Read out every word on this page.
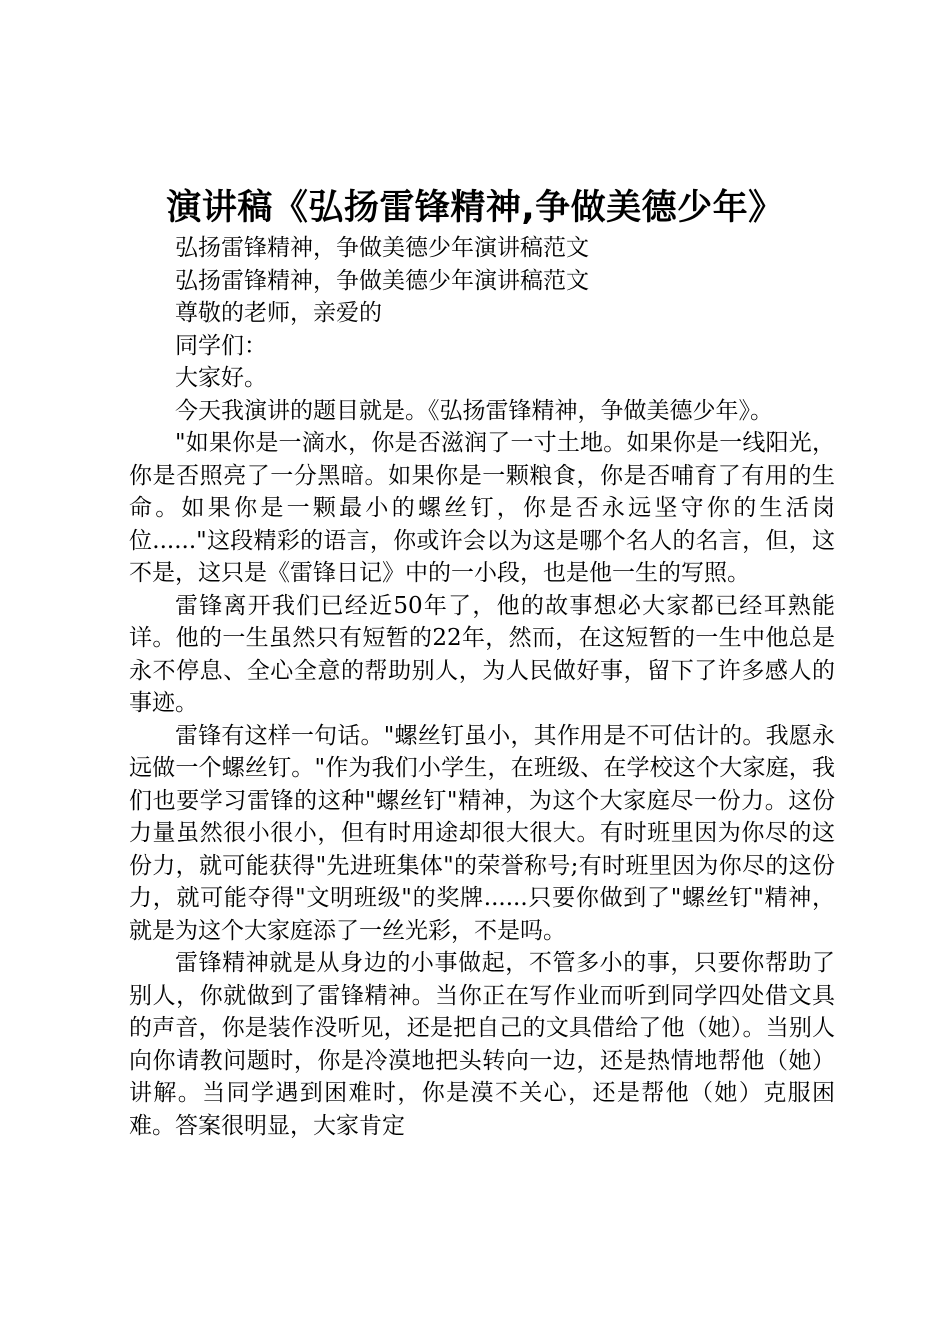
演讲稿《弘扬雷锋精神,争做美德少年》

弘扬雷锋精神，争做美德少年演讲稿范文

弘扬雷锋精神，争做美德少年演讲稿范文

尊敬的老师，亲爱的

同学们：

大家好。

今天我演讲的题目就是。《弘扬雷锋精神，争做美德少年》。

"如果你是一滴水，你是否滋润了一寸土地。如果你是一线阳光，你是否照亮了一分黑暗。如果你是一颗粮食，你是否哺育了有用的生命。如果你是一颗最小的螺丝钉，你是否永远坚守你的生活岗位......"这段精彩的语言，你或许会以为这是哪个名人的名言，但，这不是，这只是《雷锋日记》中的一小段，也是他一生的写照。

雷锋离开我们已经近50年了，他的故事想必大家都已经耳熟能详。他的一生虽然只有短暂的22年，然而，在这短暂的一生中他总是永不停息、全心全意的帮助别人，为人民做好事，留下了许多感人的事迹。

雷锋有这样一句话。"螺丝钉虽小，其作用是不可估计的。我愿永远做一个螺丝钉。"作为我们小学生，在班级、在学校这个大家庭，我们也要学习雷锋的这种"螺丝钉"精神，为这个大家庭尽一份力。这份力量虽然很小很小，但有时用途却很大很大。有时班里因为你尽的这份力，就可能获得"先进班集体"的荣誉称号;有时班里因为你尽的这份力，就可能夺得"文明班级"的奖牌......只要你做到了"螺丝钉"精神，就是为这个大家庭添了一丝光彩，不是吗。

雷锋精神就是从身边的小事做起，不管多小的事，只要你帮助了别人，你就做到了雷锋精神。当你正在写作业而听到同学四处借文具的声音，你是装作没听见，还是把自己的文具借给了他（她）。当别人向你请教问题时，你是冷漠地把头转向一边，还是热情地帮他（她）讲解。当同学遇到困难时，你是漠不关心，还是帮他（她）克服困难。答案很明显，大家肯定
